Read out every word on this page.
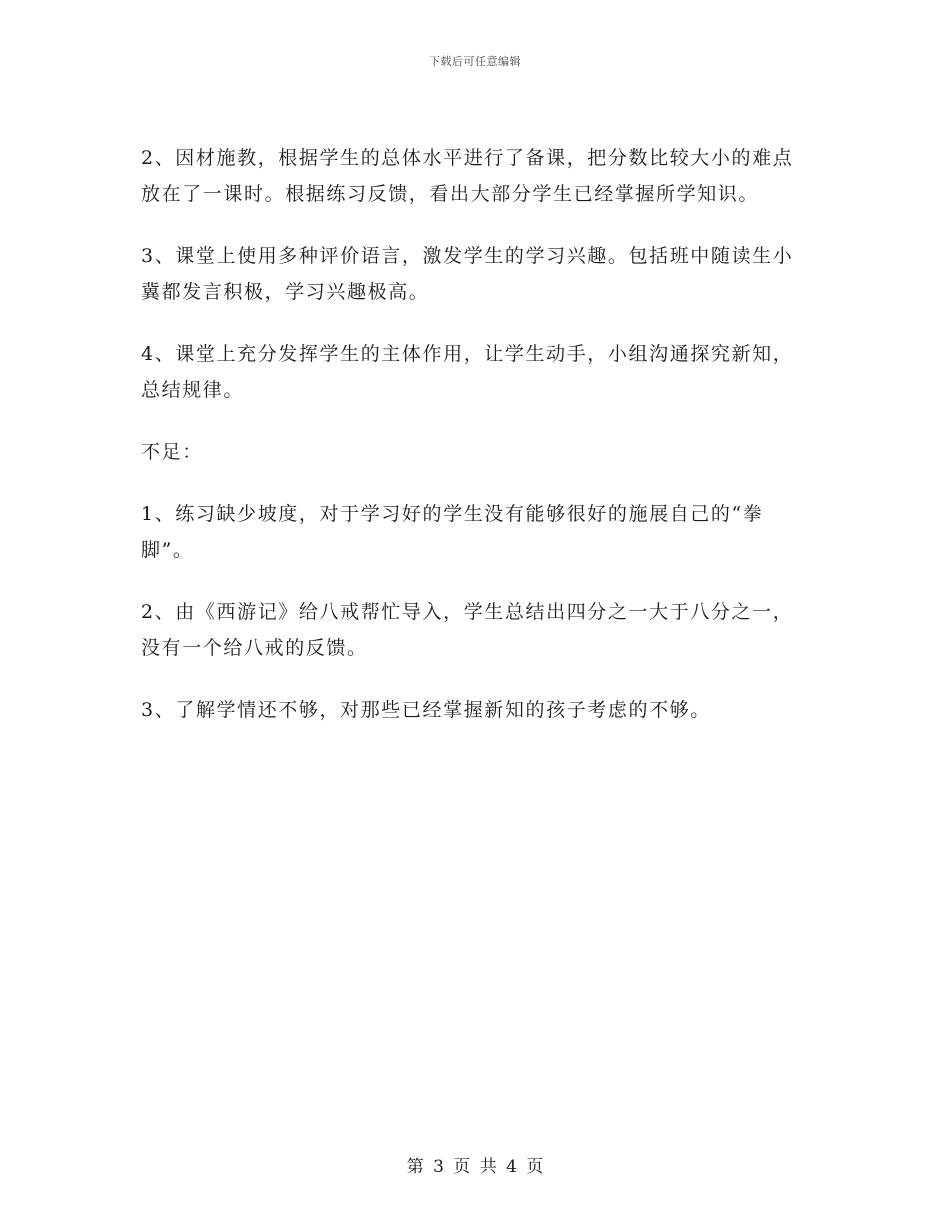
下载后可任意编辑

2、因材施教，根据学生的总体水平进行了备课，把分数比较大小的难点放在了一课时。根据练习反馈，看出大部分学生已经掌握所学知识。

3、课堂上使用多种评价语言，激发学生的学习兴趣。包括班中随读生小冀都发言积极，学习兴趣极高。

4、课堂上充分发挥学生的主体作用，让学生动手，小组沟通探究新知，总结规律。

不足：

1、练习缺少坡度，对于学习好的学生没有能够很好的施展自己的“拳脚”。

2、由《西游记》给八戒帮忙导入，学生总结出四分之一大于八分之一，没有一个给八戒的反馈。

3、了解学情还不够，对那些已经掌握新知的孩子考虑的不够。

第 3 页 共 4 页
